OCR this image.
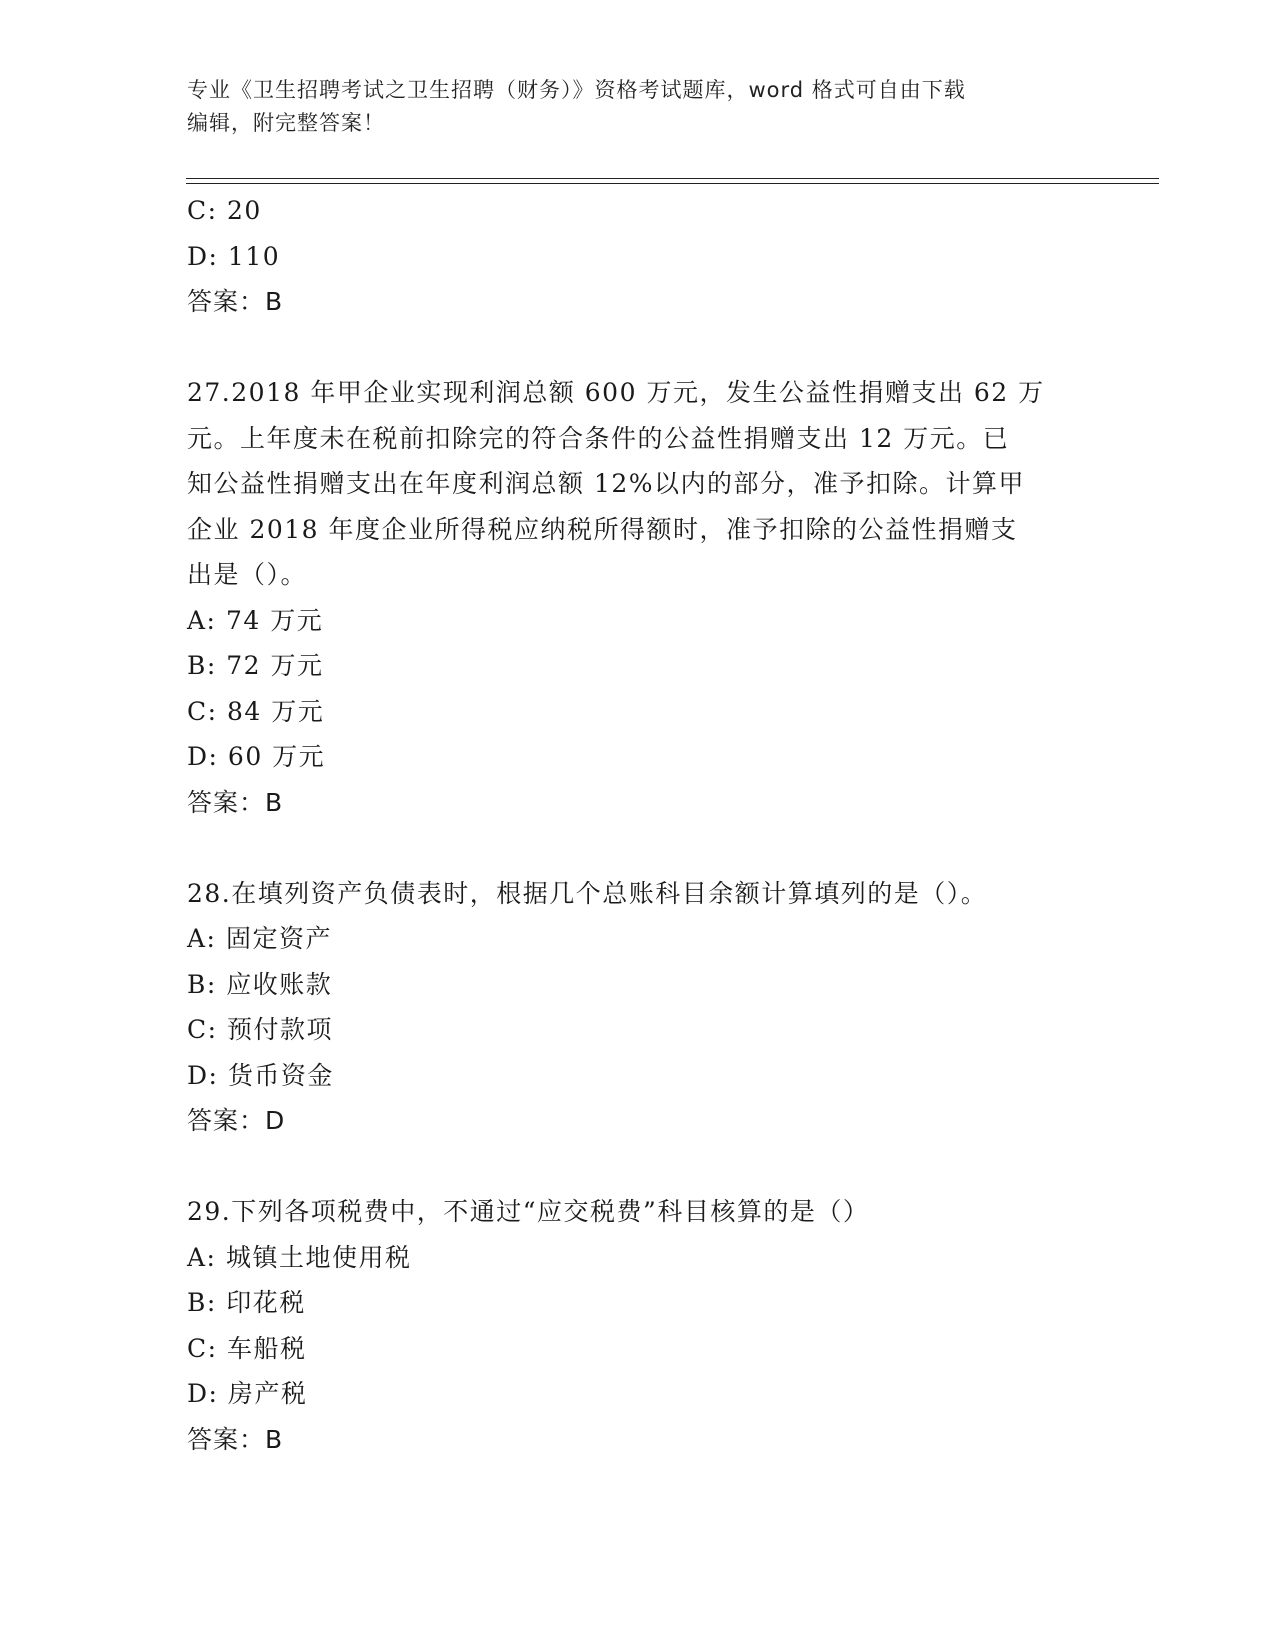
专业《卫生招聘考试之卫生招聘（财务）》资格考试题库，word 格式可自由下载
编辑，附完整答案！
C: 20
D: 110
答案：B
27.2018 年甲企业实现利润总额 600 万元，发生公益性捐赠支出 62 万
元。上年度未在税前扣除完的符合条件的公益性捐赠支出 12 万元。已
知公益性捐赠支出在年度利润总额 12%以内的部分，准予扣除。计算甲
企业 2018 年度企业所得税应纳税所得额时，准予扣除的公益性捐赠支
出是（）。
A: 74 万元
B: 72 万元
C: 84 万元
D: 60 万元
答案：B
28.在填列资产负债表时，根据几个总账科目余额计算填列的是（）。
A: 固定资产
B: 应收账款
C: 预付款项
D: 货币资金
答案：D
29.下列各项税费中，不通过“应交税费”科目核算的是（）
A: 城镇土地使用税
B: 印花税
C: 车船税
D: 房产税
答案：B
